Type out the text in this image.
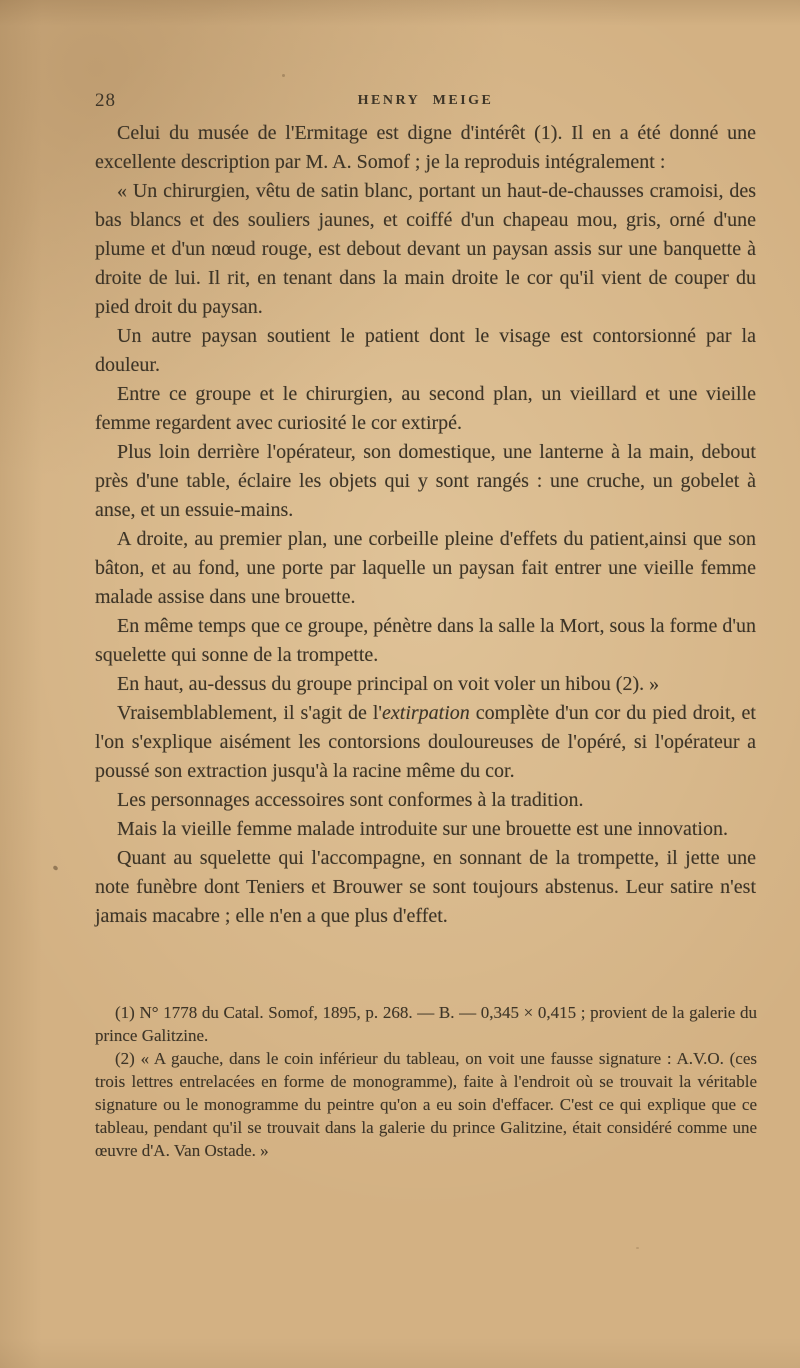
28	HENRY MEIGE

Celui du musée de l'Ermitage est digne d'intérêt (1). Il en a été donné une excellente description par M. A. Somof ; je la reproduis intégralement :

« Un chirurgien, vêtu de satin blanc, portant un haut-de-chausses cramoisi, des bas blancs et des souliers jaunes, et coiffé d'un chapeau mou, gris, orné d'une plume et d'un nœud rouge, est debout devant un paysan assis sur une banquette à droite de lui. Il rit, en tenant dans la main droite le cor qu'il vient de couper du pied droit du paysan.

Un autre paysan soutient le patient dont le visage est contorsionné par la douleur.

Entre ce groupe et le chirurgien, au second plan, un vieillard et une vieille femme regardent avec curiosité le cor extirpé.

Plus loin derrière l'opérateur, son domestique, une lanterne à la main, debout près d'une table, éclaire les objets qui y sont rangés : une cruche, un gobelet à anse, et un essuie-mains.

A droite, au premier plan, une corbeille pleine d'effets du patient,ainsi que son bâton, et au fond, une porte par laquelle un paysan fait entrer une vieille femme malade assise dans une brouette.

En même temps que ce groupe, pénètre dans la salle la Mort, sous la forme d'un squelette qui sonne de la trompette.

En haut, au-dessus du groupe principal on voit voler un hibou (2). »

Vraisemblablement, il s'agit de l'extirpation complète d'un cor du pied droit, et l'on s'explique aisément les contorsions douloureuses de l'opéré, si l'opérateur a poussé son extraction jusqu'à la racine même du cor.

Les personnages accessoires sont conformes à la tradition.

Mais la vieille femme malade introduite sur une brouette est une innovation.

Quant au squelette qui l'accompagne, en sonnant de la trompette, il jette une note funèbre dont Teniers et Brouwer se sont toujours abstenus. Leur satire n'est jamais macabre ; elle n'en a que plus d'effet.

(1) N° 1778 du Catal. Somof, 1895, p. 268. — B. — 0,345 × 0,415 ; provient de la galerie du prince Galitzine.

(2) « A gauche, dans le coin inférieur du tableau, on voit une fausse signature : A.V.O. (ces trois lettres entrelacées en forme de monogramme), faite à l'endroit où se trouvait la véritable signature ou le monogramme du peintre qu'on a eu soin d'effacer. C'est ce qui explique que ce tableau, pendant qu'il se trouvait dans la galerie du prince Galitzine, était considéré comme une œuvre d'A. Van Ostade. »
